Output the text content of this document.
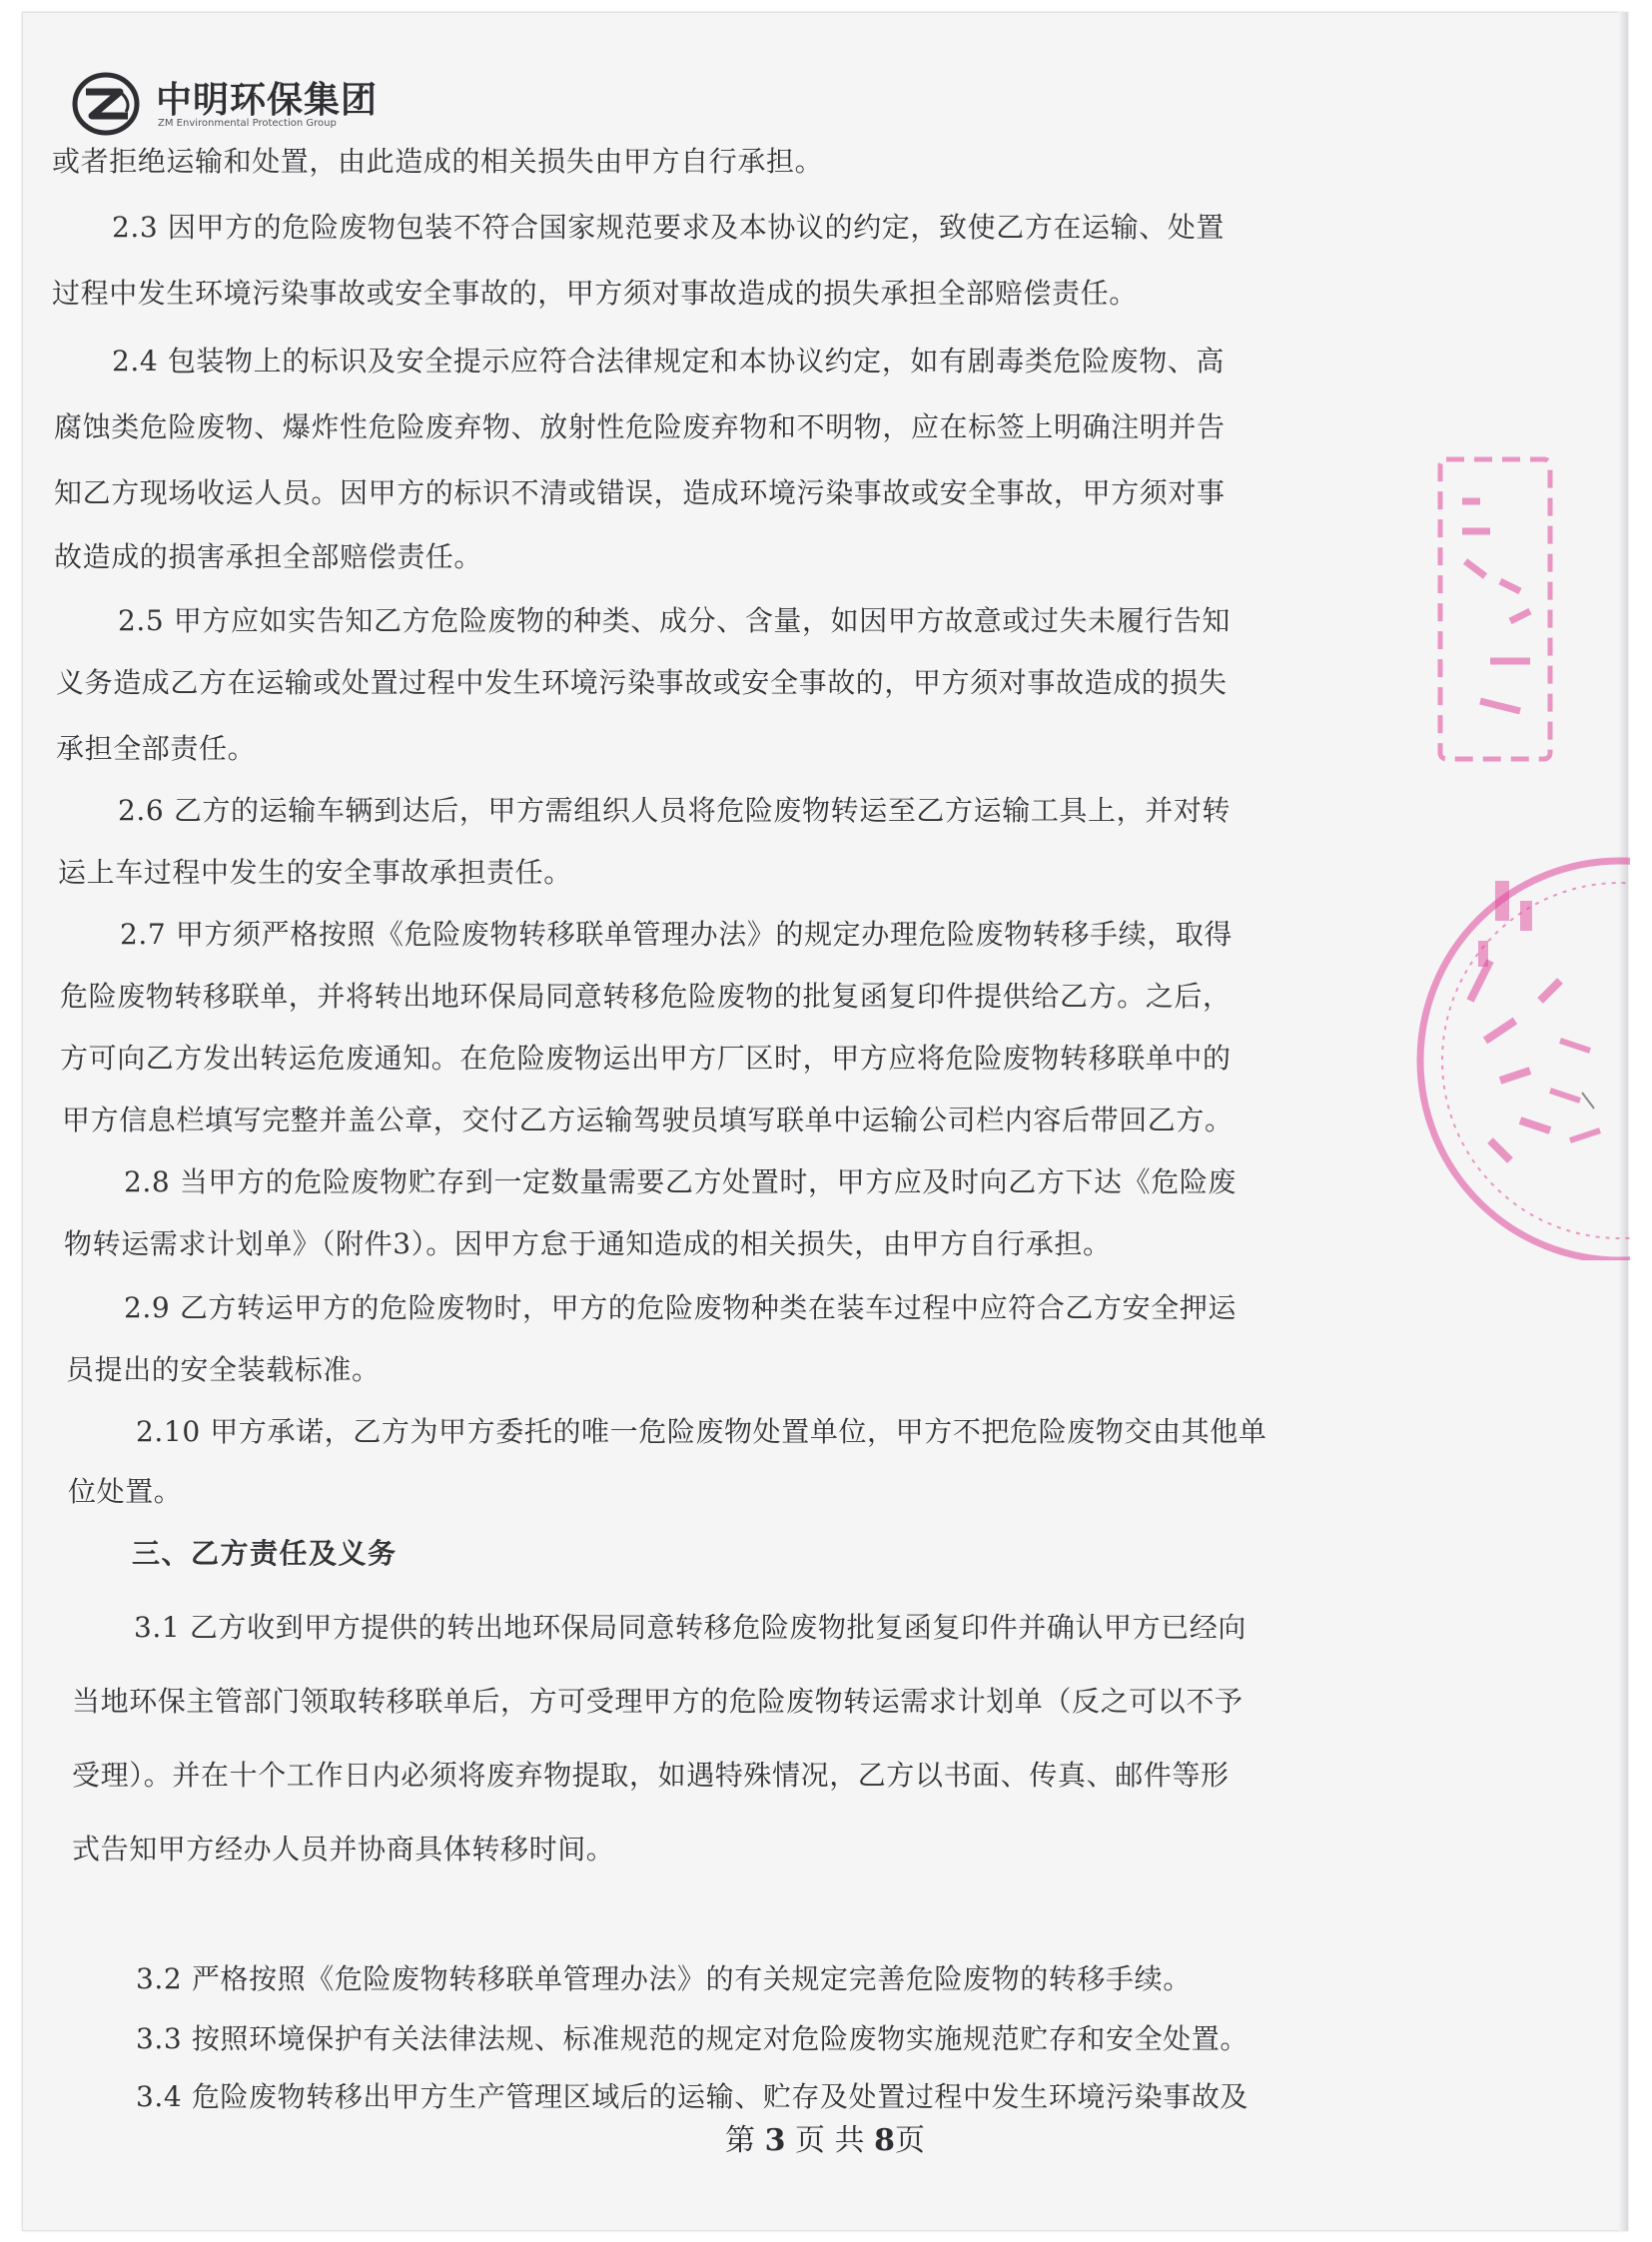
中明环保集团
ZM Environmental Protection Group
或者拒绝运输和处置，由此造成的相关损失由甲方自行承担。
2.3 因甲方的危险废物包装不符合国家规范要求及本协议的约定，致使乙方在运输、处置
过程中发生环境污染事故或安全事故的，甲方须对事故造成的损失承担全部赔偿责任。
2.4 包装物上的标识及安全提示应符合法律规定和本协议约定，如有剧毒类危险废物、高
腐蚀类危险废物、爆炸性危险废弃物、放射性危险废弃物和不明物，应在标签上明确注明并告
知乙方现场收运人员。因甲方的标识不清或错误，造成环境污染事故或安全事故，甲方须对事
故造成的损害承担全部赔偿责任。
2.5 甲方应如实告知乙方危险废物的种类、成分、含量，如因甲方故意或过失未履行告知
义务造成乙方在运输或处置过程中发生环境污染事故或安全事故的，甲方须对事故造成的损失
承担全部责任。
2.6 乙方的运输车辆到达后，甲方需组织人员将危险废物转运至乙方运输工具上，并对转
运上车过程中发生的安全事故承担责任。
2.7 甲方须严格按照《危险废物转移联单管理办法》的规定办理危险废物转移手续，取得
危险废物转移联单，并将转出地环保局同意转移危险废物的批复函复印件提供给乙方。之后，
方可向乙方发出转运危废通知。在危险废物运出甲方厂区时，甲方应将危险废物转移联单中的
甲方信息栏填写完整并盖公章，交付乙方运输驾驶员填写联单中运输公司栏内容后带回乙方。
2.8 当甲方的危险废物贮存到一定数量需要乙方处置时，甲方应及时向乙方下达《危险废
物转运需求计划单》（附件3）。因甲方怠于通知造成的相关损失，由甲方自行承担。
2.9 乙方转运甲方的危险废物时，甲方的危险废物种类在装车过程中应符合乙方安全押运
员提出的安全装载标准。
2.10 甲方承诺，乙方为甲方委托的唯一危险废物处置单位，甲方不把危险废物交由其他单
位处置。
三、乙方责任及义务
3.1 乙方收到甲方提供的转出地环保局同意转移危险废物批复函复印件并确认甲方已经向
当地环保主管部门领取转移联单后，方可受理甲方的危险废物转运需求计划单（反之可以不予
受理）。并在十个工作日内必须将废弃物提取，如遇特殊情况，乙方以书面、传真、邮件等形
式告知甲方经办人员并协商具体转移时间。
3.2 严格按照《危险废物转移联单管理办法》的有关规定完善危险废物的转移手续。
3.3 按照环境保护有关法律法规、标准规范的规定对危险废物实施规范贮存和安全处置。
3.4 危险废物转移出甲方生产管理区域后的运输、贮存及处置过程中发生环境污染事故及
第 3 页 共 8页
